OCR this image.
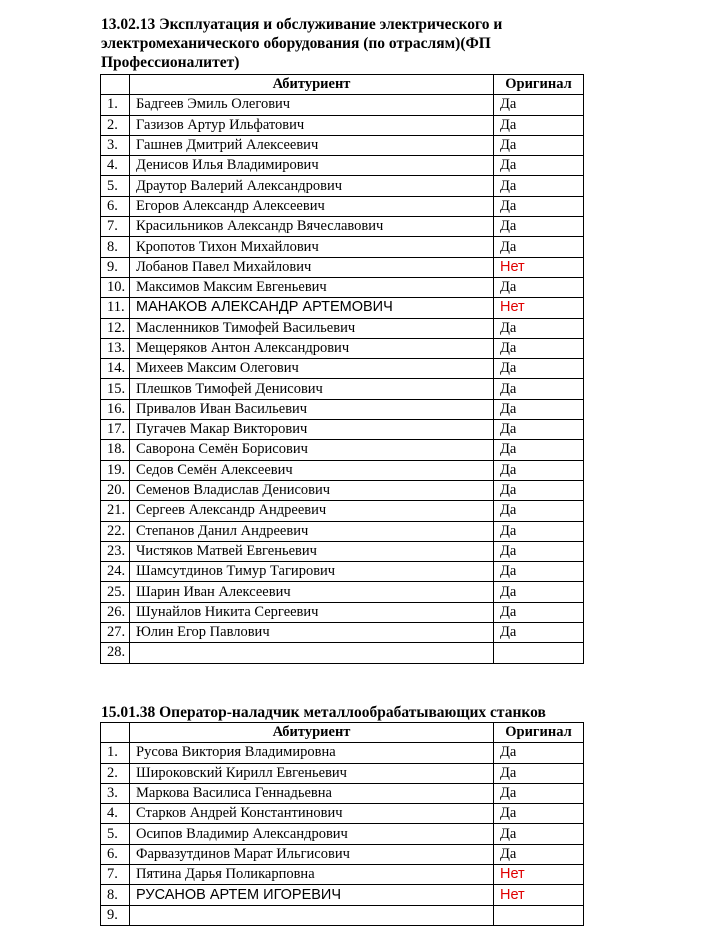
13.02.13 Эксплуатация и обслуживание электрического и электромеханического оборудования (по отраслям)(ФП Профессионалитет)
	Абитуриент	Оригинал
1.	Бадгеев Эмиль Олегович	Да
2.	Газизов Артур Ильфатович	Да
3.	Гашнев Дмитрий Алексеевич	Да
4.	Денисов Илья Владимирович	Да
5.	Драутор Валерий Александрович	Да
6.	Егоров Александр Алексеевич	Да
7.	Красильников Александр Вячеславович	Да
8.	Кропотов Тихон Михайлович	Да
9.	Лобанов Павел Михайлович	Нет
10.	Максимов Максим Евгеньевич	Да
11.	МАНАКОВ АЛЕКСАНДР АРТЕМОВИЧ	Нет
12.	Масленников Тимофей Васильевич	Да
13.	Мещеряков Антон Александрович	Да
14.	Михеев Максим Олегович	Да
15.	Плешков Тимофей Денисович	Да
16.	Привалов Иван Васильевич	Да
17.	Пугачев Макар Викторович	Да
18.	Саворона Семён Борисович	Да
19.	Седов Семён Алексеевич	Да
20.	Семенов Владислав Денисович	Да
21.	Сергеев Александр Андреевич	Да
22.	Степанов Данил Андреевич	Да
23.	Чистяков Матвей Евгеньевич	Да
24.	Шамсутдинов Тимур Тагирович	Да
25.	Шарин Иван Алексеевич	Да
26.	Шунайлов Никита Сергеевич	Да
27.	Юлин Егор Павлович	Да
28.		
15.01.38 Оператор-наладчик металлообрабатывающих станков
	Абитуриент	Оригинал
1.	Русова Виктория Владимировна	Да
2.	Широковский Кирилл Евгеньевич	Да
3.	Маркова Василиса Геннадьевна	Да
4.	Старков Андрей Константинович	Да
5.	Осипов Владимир Александрович	Да
6.	Фарвазутдинов Марат Ильгисович	Да
7.	Пятина Дарья Поликарповна	Нет
8.	РУСАНОВ АРТЕМ ИГОРЕВИЧ	Нет
9.		
